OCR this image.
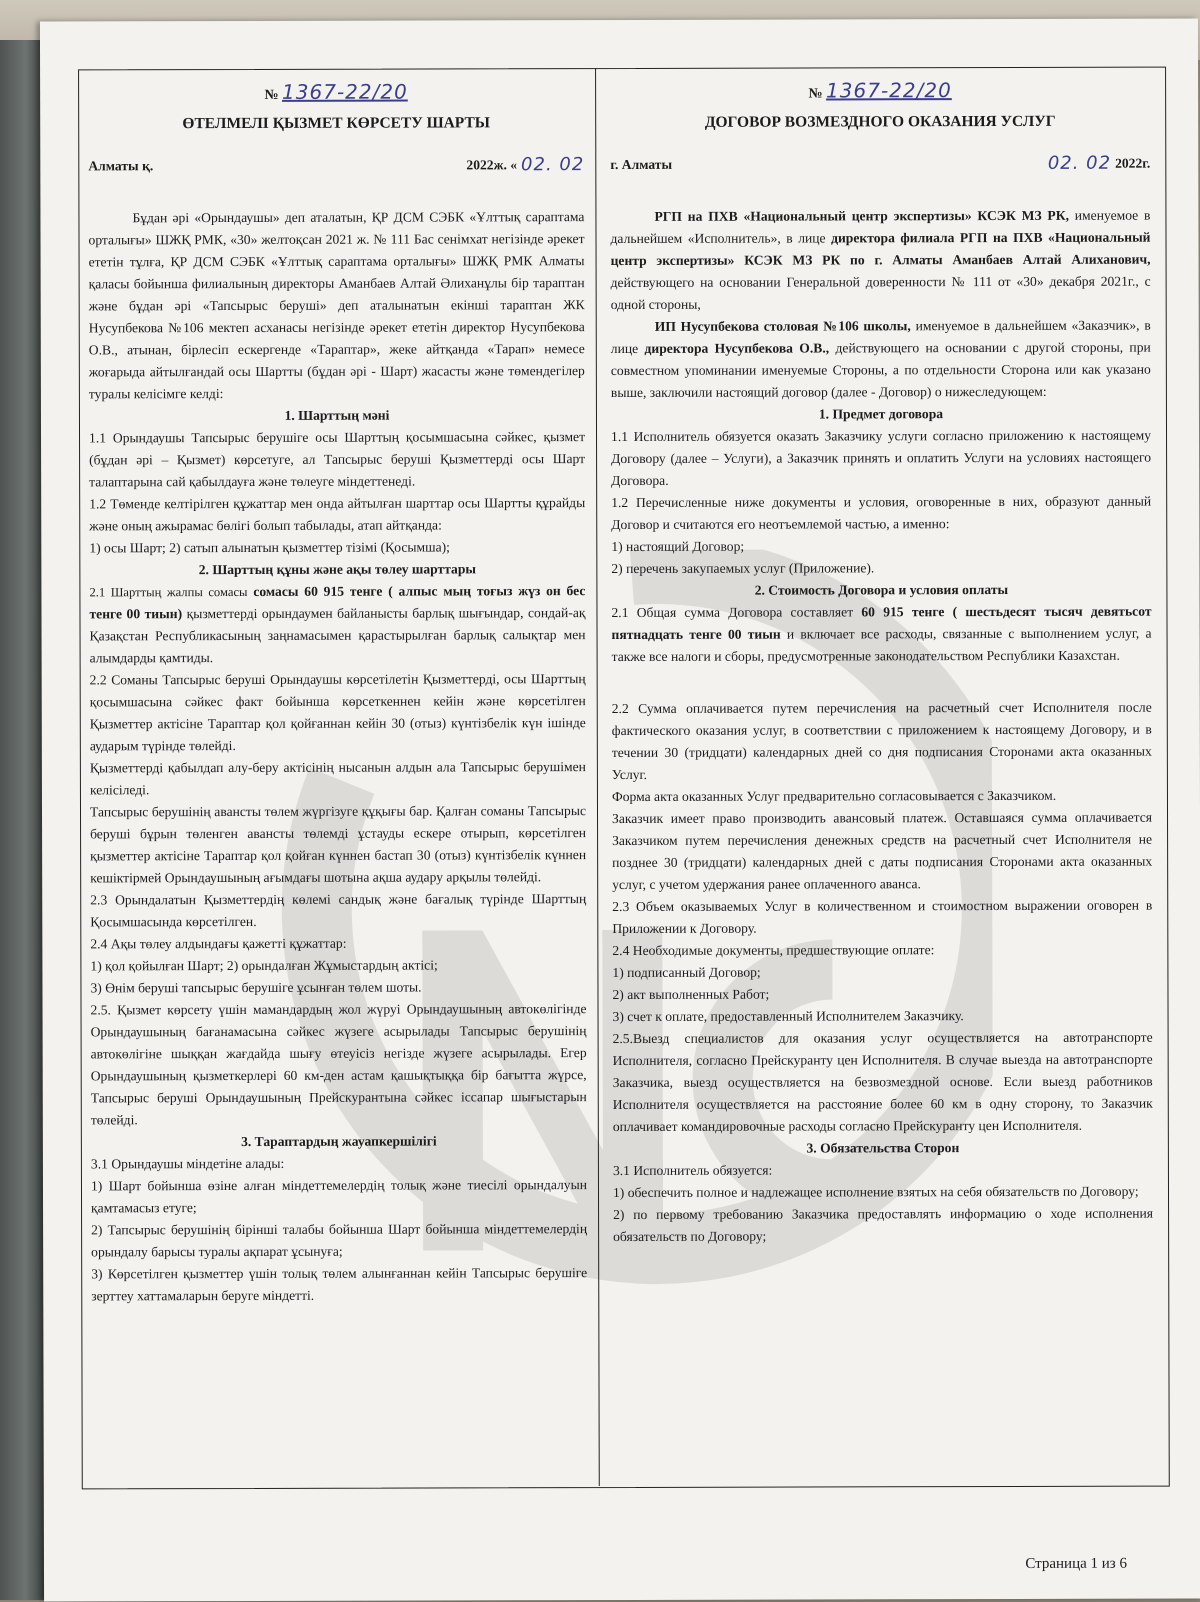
№ 1367-22/20
ӨТЕЛМЕЛІ ҚЫЗМЕТ КӨРСЕТУ ШАРТЫ
Алматы қ.	2022ж. « 02. 02

Бұдан әрі «Орындаушы» деп аталатын, ҚР ДСМ СЭБК «Ұлттық сараптама орталығы» ШЖҚ РМК, «30» желтоқсан 2021 ж. № 111 Бас сенімхат негізінде әрекет ететін тұлға, ҚР ДСМ СЭБК «Ұлттық сараптама орталығы» ШЖҚ РМК Алматы қаласы бойынша филиалының директоры Аманбаев Алтай Әлиханұлы бір тараптан және бұдан әрі «Тапсырыс беруші» деп аталынатын екінші тараптан ЖК Нусупбекова №106 мектеп асханасы негізінде әрекет ететін директор Нусупбекова О.В., атынан, бірлесіп ескергенде «Тараптар», жеке айтқанда «Тарап» немесе жоғарыда айтылғандай осы Шартты (бұдан әрі - Шарт) жасасты және төмендегілер туралы келісімге келді:

1. Шарттың мәні

1.1 Орындаушы Тапсырыс берушіге осы Шарттың қосымшасына сәйкес, қызмет (бұдан әрі – Қызмет) көрсетуге, ал Тапсырыс беруші Қызметтерді осы Шарт талаптарына сай қабылдауға және төлеуге міндеттенеді.

1.2 Төменде келтірілген құжаттар мен онда айтылған шарттар осы Шартты құрайды және оның ажырамас бөлігі болып табылады, атап айтқанда:

1) осы Шарт; 2) сатып алынатын қызметтер тізімі (Қосымша);

2. Шарттың құны және ақы төлеу шарттары

2.1 Шарттың жалпы сомасы сомасы 60 915 тенге ( алпыс мың тоғыз жүз он бес тенге 00 тиын) қызметтерді орындаумен байланысты барлық шығындар, сондай-ақ Қазақстан Республикасының заңнамасымен қарастырылған барлық салықтар мен алымдарды қамтиды.

2.2 Соманы Тапсырыс беруші Орындаушы көрсетілетін Қызметтерді, осы Шарттың қосымшасына сәйкес факт бойынша көрсеткеннен кейін және көрсетілген Қызметтер актісіне Тараптар қол қойғаннан кейін 30 (отыз) күнтізбелік күн ішінде аударым түрінде төлейді.

Қызметтерді қабылдап алу-беру актісінің нысанын алдын ала Тапсырыс берушімен келісіледі.

Тапсырыс берушінің авансты төлем жүргізуге құқығы бар. Қалған соманы Тапсырыс беруші бұрын төленген авансты төлемді ұстауды ескере отырып, көрсетілген қызметтер актісіне Тараптар қол қойған күннен бастап 30 (отыз) күнтізбелік күннен кешіктірмей Орындаушының ағымдағы шотына ақша аудару арқылы төлейді.

2.3 Орындалатын Қызметтердің көлемі сандық және бағалық түрінде Шарттың Қосымшасында көрсетілген.

2.4 Ақы төлеу алдындағы қажетті құжаттар:

1) қол қойылған Шарт; 2) орындалған Жұмыстардың актісі;

3) Өнім беруші тапсырыс берушіге ұсынған төлем шоты.

2.5. Қызмет көрсету үшін мамандардың жол жүруі Орындаушының автокөлігінде Орындаушының бағанамасына сәйкес жүзеге асырылады Тапсырыс берушінің автокөлігіне шыққан жағдайда шығу өтеуісіз негізде жүзеге асырылады. Егер Орындаушының қызметкерлері 60 км-ден астам қашықтыққа бір бағытта жүрсе, Тапсырыс беруші Орындаушының Прейскурантына сәйкес іссапар шығыстарын төлейді.

3. Тараптардың жауапкершілігі

3.1 Орындаушы міндетіне алады:

1) Шарт бойынша өзіне алған міндеттемелердің толық және тиесілі орындалуын қамтамасыз етуге;

2) Тапсырыс берушінің бірінші талабы бойынша Шарт бойынша міндеттемелердің орындалу барысы туралы ақпарат ұсынуға;

3) Көрсетілген қызметтер үшін толық төлем алынғаннан кейін Тапсырыс берушіге зерттеу хаттамаларын беруге міндетті.

№ 1367-22/20
ДОГОВОР ВОЗМЕЗДНОГО ОКАЗАНИЯ УСЛУГ
г. Алматы	02. 02 2022г.

РГП на ПХВ «Национальный центр экспертизы» КСЭК МЗ РК, именуемое в дальнейшем «Исполнитель», в лице директора филиала РГП на ПХВ «Национальный центр экспертизы» КСЭК МЗ РК по г. Алматы Аманбаев Алтай Алиханович, действующего на основании Генеральной доверенности № 111 от «30» декабря 2021г., с одной стороны,

ИП Нусупбекова столовая №106 школы, именуемое в дальнейшем «Заказчик», в лице директора Нусупбекова О.В., действующего на основании с другой стороны, при совместном упоминании именуемые Стороны, а по отдельности Сторона или как указано выше, заключили настоящий договор (далее - Договор) о нижеследующем:

1. Предмет договора

1.1 Исполнитель обязуется оказать Заказчику услуги согласно приложению к настоящему Договору (далее – Услуги), а Заказчик принять и оплатить Услуги на условиях настоящего Договора.

1.2 Перечисленные ниже документы и условия, оговоренные в них, образуют данный Договор и считаются его неотъемлемой частью, а именно:

1) настоящий Договор;

2) перечень закупаемых услуг (Приложение).

2. Стоимость Договора и условия оплаты

2.1 Общая сумма Договора составляет 60 915 тенге ( шестьдесят тысяч девятьсот пятнадцать тенге 00 тиын и включает все расходы, связанные с выполнением услуг, а также все налоги и сборы, предусмотренные законодательством Республики Казахстан.

2.2 Сумма оплачивается путем перечисления на расчетный счет Исполнителя после фактического оказания услуг, в соответствии с приложением к настоящему Договору, и в течении 30 (тридцати) календарных дней со дня подписания Сторонами акта оказанных Услуг.

Форма акта оказанных Услуг предварительно согласовывается с Заказчиком.

Заказчик имеет право производить авансовый платеж. Оставшаяся сумма оплачивается Заказчиком путем перечисления денежных средств на расчетный счет Исполнителя не позднее 30 (тридцати) календарных дней с даты подписания Сторонами акта оказанных услуг, с учетом удержания ранее оплаченного аванса.

2.3 Объем оказываемых Услуг в количественном и стоимостном выражении оговорен в Приложении к Договору.

2.4 Необходимые документы, предшествующие оплате:

1) подписанный Договор;

2) акт выполненных Работ;

3) счет к оплате, предоставленный Исполнителем Заказчику.

2.5.Выезд специалистов для оказания услуг осуществляется на автотранспорте Исполнителя, согласно Прейскуранту цен Исполнителя. В случае выезда на автотранспорте Заказчика, выезд осуществляется на безвозмездной основе. Если выезд работников Исполнителя осуществляется на расстояние более 60 км в одну сторону, то Заказчик оплачивает командировочные расходы согласно Прейскуранту цен Исполнителя.

3. Обязательства Сторон

3.1 Исполнитель обязуется:

1) обеспечить полное и надлежащее исполнение взятых на себя обязательств по Договору;

2) по первому требованию Заказчика предоставлять информацию о ходе исполнения обязательств по Договору;

Страница 1 из 6
